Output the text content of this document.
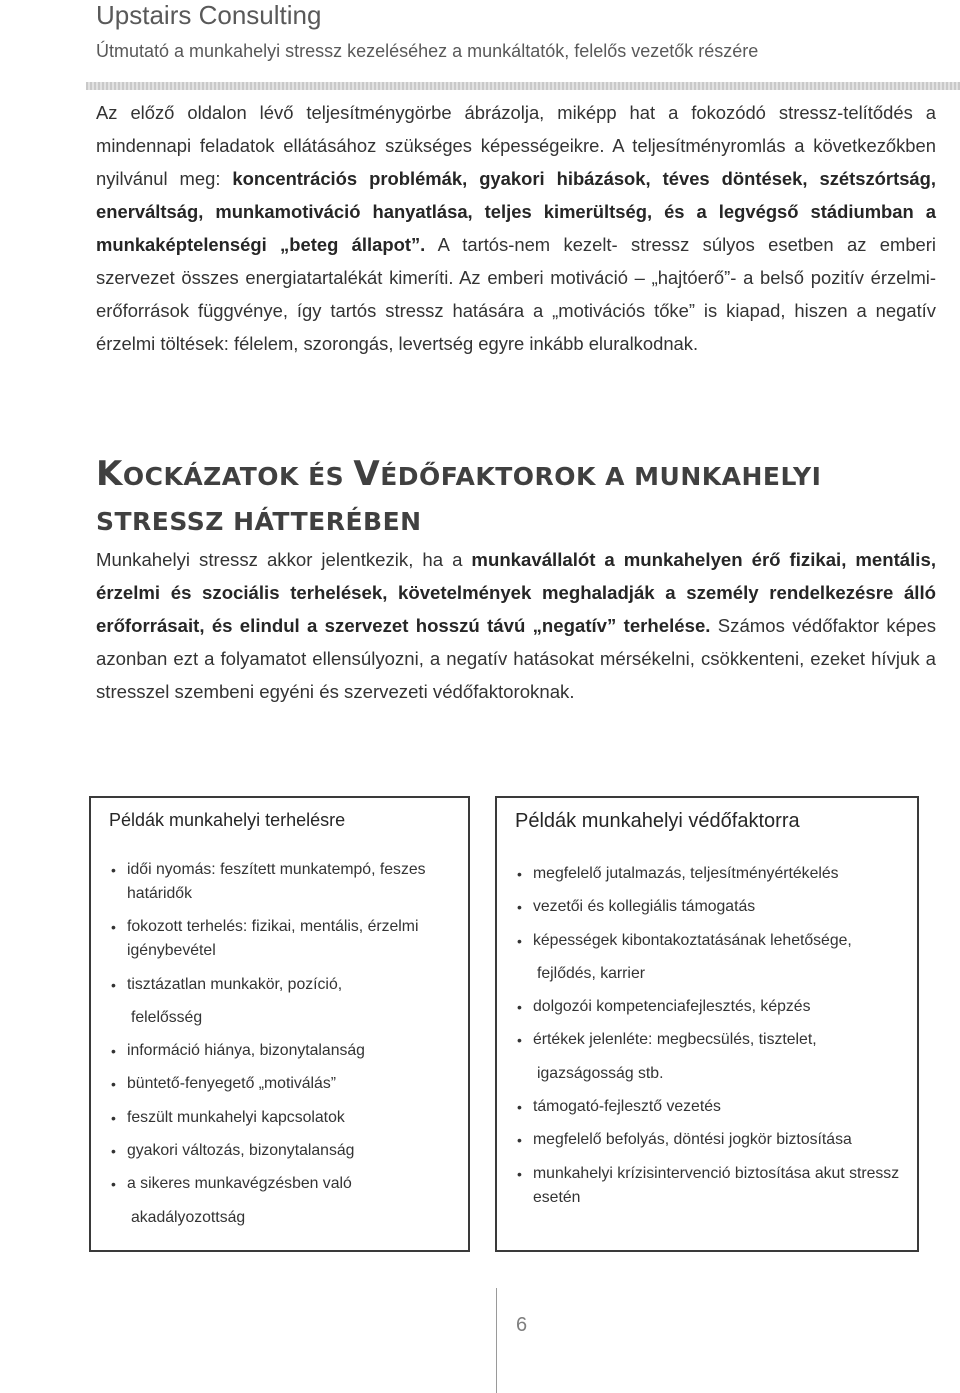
Upstairs Consulting
Útmutató a munkahelyi stressz kezeléséhez a munkáltatók, felelős vezetők részére
Az előző oldalon lévő teljesítménygörbe ábrázolja, miképp hat a fokozódó stressz-telítődés a mindennapi feladatok ellátásához szükséges képességeikre. A teljesítményromlás a következőkben nyilvánul meg: koncentrációs problémák, gyakori hibázások, téves döntések, szétszórtság, enerváltság, munkamotiváció hanyatlása, teljes kimerültség, és a legvégső stádiumban a munkaképtelenségi „beteg állapot”. A tartós-nem kezelt- stressz súlyos esetben az emberi szervezet összes energiatartalékát kimeríti. Az emberi motiváció – „hajtóerő”- a belső pozitív érzelmi-erőforrások függvénye, így tartós stressz hatására a „motivációs tőke” is kiapad, hiszen a negatív érzelmi töltések: félelem, szorongás, levertség egyre inkább eluralkodnak.
KOCKÁZATOK ÉS VÉDŐFAKTOROK A MUNKAHELYI
STRESSZ HÁTTERÉBEN
Munkahelyi stressz akkor jelentkezik, ha a munkavállalót a munkahelyen érő fizikai, mentális, érzelmi és szociális terhelések, követelmények meghaladják a személy rendelkezésre álló erőforrásait, és elindul a szervezet hosszú távú „negatív” terhelése. Számos védőfaktor képes azonban ezt a folyamatot ellensúlyozni, a negatív hatásokat mérsékelni, csökkenteni, ezeket hívjuk a stresszel szembeni egyéni és szervezeti védőfaktoroknak.
Példák munkahelyi terhelésre
• idői nyomás: feszített munkatempó, feszes határidők
• fokozott terhelés: fizikai, mentális, érzelmi igénybevétel
• tisztázatlan munkakör, pozíció,
felelősség
• információ hiánya, bizonytalanság
• büntető-fenyegető „motiválás”
• feszült munkahelyi kapcsolatok
• gyakori változás, bizonytalanság
• a sikeres munkavégzésben való
akadályozottság
Példák munkahelyi védőfaktorra
• megfelelő jutalmazás, teljesítményértékelés
• vezetői és kollegiális támogatás
• képességek kibontakoztatásának lehetősége,
fejlődés, karrier
• dolgozói kompetenciafejlesztés, képzés
• értékek jelenléte: megbecsülés, tisztelet,
igazságosság stb.
• támogató-fejlesztő vezetés
• megfelelő befolyás, döntési jogkör biztosítása
• munkahelyi krízisintervenció biztosítása akut stressz esetén
6
